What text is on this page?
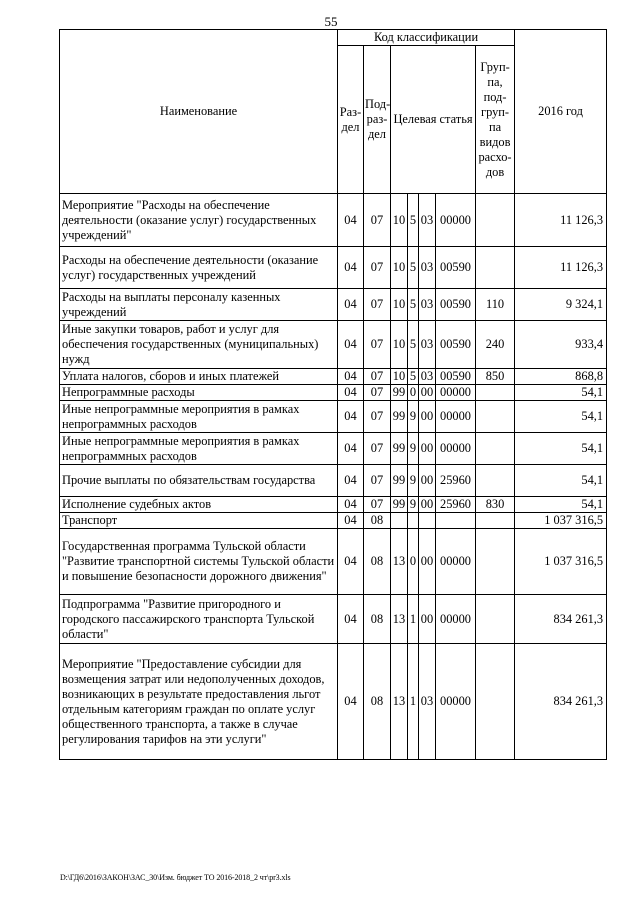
55
Наименование	Код классификации							2016 год
	Раз-дел	Под-раз-дел	Целевая статья				Груп-па, под-груп-па видов расхо-дов	
Мероприятие "Расходы на обеспечение деятельности (оказание услуг) государственных учреждений"	04	07	10	5	03	00000		11 126,3
Расходы на обеспечение деятельности (оказание услуг) государственных учреждений	04	07	10	5	03	00590		11 126,3
Расходы на выплаты персоналу казенных учреждений	04	07	10	5	03	00590	110	9 324,1
Иные закупки товаров, работ и услуг для обеспечения государственных (муниципальных) нужд	04	07	10	5	03	00590	240	933,4
Уплата налогов, сборов и иных платежей	04	07	10	5	03	00590	850	868,8
Непрограммные расходы	04	07	99	0	00	00000		54,1
Иные непрограммные мероприятия в рамках непрограммных расходов	04	07	99	9	00	00000		54,1
Иные непрограммные мероприятия в рамках непрограммных расходов	04	07	99	9	00	00000		54,1
Прочие выплаты по обязательствам государства	04	07	99	9	00	25960		54,1
Исполнение судебных актов	04	07	99	9	00	25960	830	54,1
Транспорт	04	08						1 037 316,5
Государственная программа Тульской области "Развитие транспортной системы Тульской области и повышение безопасности дорожного движения"	04	08	13	0	00	00000		1 037 316,5
Подпрограмма "Развитие пригородного и городского пассажирского транспорта Тульской области"	04	08	13	1	00	00000		834 261,3
Мероприятие "Предоставление субсидии для возмещения затрат или недополученных доходов, возникающих в результате предоставления льгот отдельным категориям граждан по оплате услуг общественного транспорта, а также в случае регулирования тарифов на эти услуги"	04	08	13	1	03	00000		834 261,3
D:\ГД6\2016\ЗАКОН\ЗАС_30\Изм. бюджет ТО 2016-2018_2 чт\pr3.xls
